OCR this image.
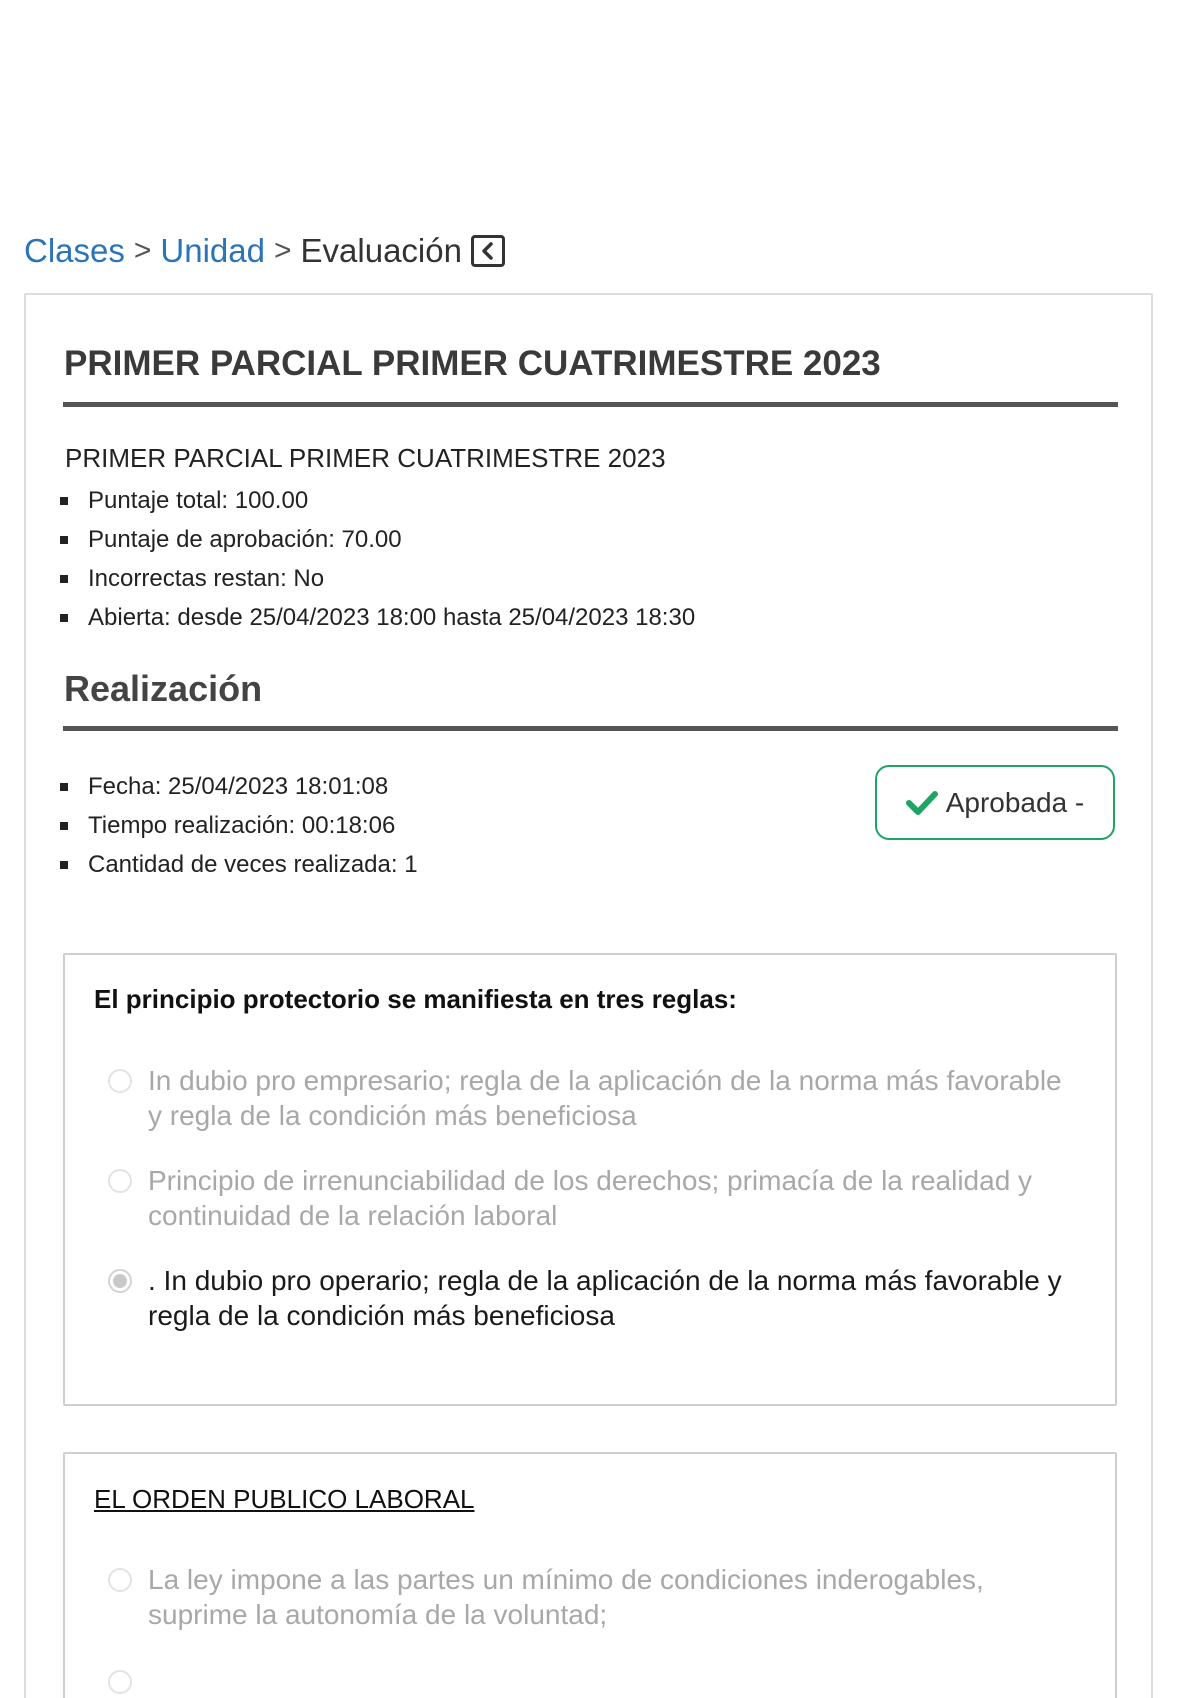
Clases > Unidad > Evaluación
PRIMER PARCIAL PRIMER CUATRIMESTRE 2023
PRIMER PARCIAL PRIMER CUATRIMESTRE 2023
Puntaje total: 100.00
Puntaje de aprobación: 70.00
Incorrectas restan: No
Abierta: desde 25/04/2023 18:00 hasta 25/04/2023 18:30
Realización
Fecha: 25/04/2023 18:01:08
Tiempo realización: 00:18:06
Cantidad de veces realizada: 1
Aprobada -
El principio protectorio se manifiesta en tres reglas:
In dubio pro empresario; regla de la aplicación de la norma más favorable y regla de la condición más beneficiosa
Principio de irrenunciabilidad de los derechos; primacía de la realidad y continuidad de la relación laboral
. In dubio pro operario; regla de la aplicación de la norma más favorable y regla de la condición más beneficiosa
EL ORDEN PUBLICO LABORAL
La ley impone a las partes un mínimo de condiciones inderogables, suprime la autonomía de la voluntad;
